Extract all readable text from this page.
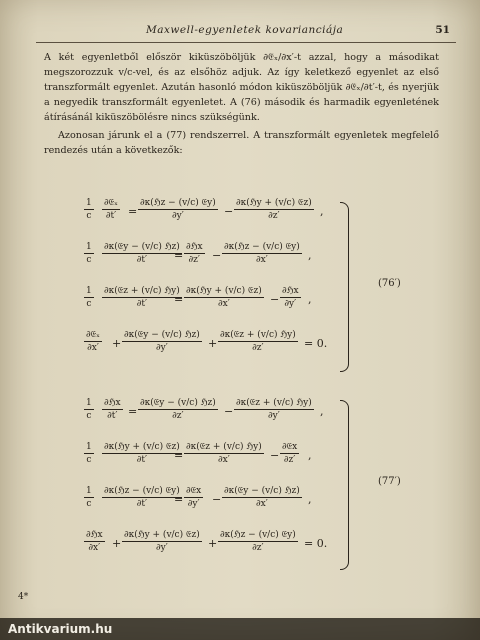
Maxwell-egyenletek kovarianciája	51
A két egyenletből először kiküszöböljük ∂𝔈ₓ/∂x′-t azzal, hogy a másodikat megszorozzuk v/c-vel, és az elsőhöz adjuk. Az így keletkező egyenlet az első transzformált egyenlet. Azután hasonló módon kiküszöböljük ∂𝔈ₓ/∂t′-t, és nyerjük a negyedik transzformált egyenletet. A (76) második és harmadik egyenletének átírásánál kiküszöbölésre nincs szükségünk.
Azonosan járunk el a (77) rendszerrel. A transzformált egyenletek megfelelő rendezés után a következők:
(76′)
$\frac{1}{c}$ ∂𝔈ₓ
∂t′	=
∂κ(ℌz − (v/c) 𝔈y)
∂y′	−
∂κ(ℌy + (v/c) 𝔈z)
∂z′	,
$\frac{1}{c}$ ∂κ(𝔈y − (v/c) ℌz)
∂t′	=
∂ℌx
∂z′	−
∂κ(ℌz − (v/c) 𝔈y)
∂x′	,
$\frac{1}{c}$ ∂κ(𝔈z + (v/c) ℌy)
∂t′	=
∂κ(ℌy + (v/c) 𝔈z)
∂x′	−
∂ℌx
∂y′	,
∂𝔈ₓ
∂x′ +
∂κ(𝔈y − (v/c) ℌz)
∂y′	+
∂κ(𝔈z + (v/c) ℌy)
∂z′	= 0.
(77′)
$\frac{1}{c}$ ∂ℌx
∂t′ =
∂κ(𝔈y − (v/c) ℌz)
∂z′	−
∂κ(𝔈z + (v/c) ℌy)
∂y′	,
$\frac{1}{c}$ ∂κ(ℌy + (v/c) 𝔈z)
∂t′	=
∂κ(𝔈z + (v/c) ℌy)
∂x′	−
∂𝔈x
∂z′	,
$\frac{1}{c}$ ∂κ(ℌz − (v/c) 𝔈y)
∂t′	=
∂𝔈x
∂y′	−
∂κ(𝔈y − (v/c) ℌz)
∂x′	,
∂ℌx
∂x′	+
∂κ(ℌy + (v/c) 𝔈z)
∂y′	+
∂κ(ℌz − (v/c) 𝔈y)
∂z′	= 0.
4*
Antikvarium.hu
